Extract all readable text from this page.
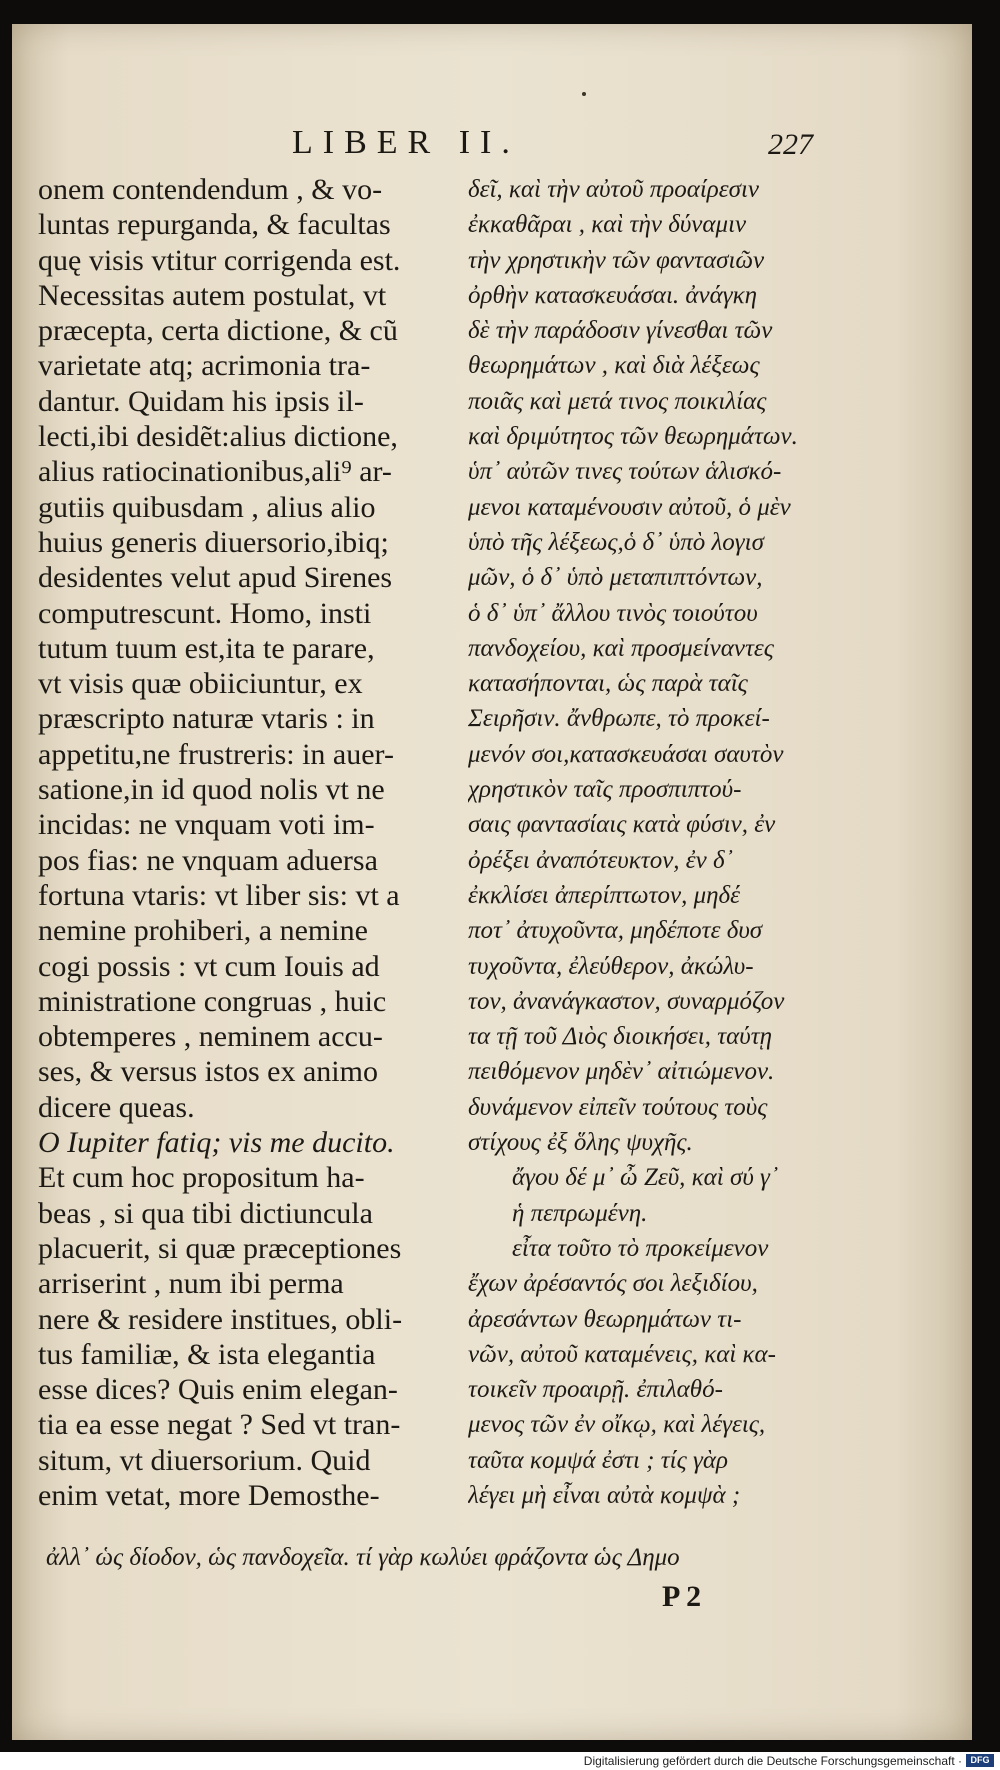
LIBER II.	227
onem contendendum , & vo-
luntas repurganda, & facultas
quę visis vtitur corrigenda est.
Necessitas autem postulat, vt
præcepta, certa dictione, & cũ
varietate atq; acrimonia tra-
dantur. Quidam his ipsis il-
lecti,ibi desidẽt:alius dictione,
alius ratiocinationibus,ali⁹ ar-
gutiis quibusdam , alius alio
huius generis diuersorio,ibiq;
desidentes velut apud Sirenes
computrescunt. Homo, insti
tutum tuum est,ita te parare,
vt visis quæ obiiciuntur, ex
præscripto naturæ vtaris : in
appetitu,ne frustreris: in auer-
satione,in id quod nolis vt ne
incidas: ne vnquam voti im-
pos fias: ne vnquam aduersa
fortuna vtaris: vt liber sis: vt a
nemine prohiberi, a nemine
cogi possis : vt cum Iouis ad
ministratione congruas , huic
obtemperes , neminem accu-
ses, & versus istos ex animo
dicere queas.
O Iupiter fatiq; vis me ducito.
Et cum hoc propositum ha-
beas , si qua tibi dictiuncula
placuerit, si quæ præceptiones
arriserint , num ibi perma
nere & residere institues, obli-
tus familiæ, & ista elegantia
esse dices? Quis enim elegan-
tia ea esse negat ? Sed vt tran-
situm, vt diuersorium. Quid
enim vetat, more Demosthe-
δεῖ, καὶ τὴν αὐτοῦ προαίρεσιν
ἐκκαθᾶραι , καὶ τὴν δύναμιν
τὴν χρηστικὴν τῶν φαντασιῶν
ὀρθὴν κατασκευάσαι. ἀνάγκη
δὲ τὴν παράδοσιν γίνεσθαι τῶν
θεωρημάτων , καὶ διὰ λέξεως
ποιᾶς καὶ μετά τινος ποικιλίας
καὶ δριμύτητος τῶν θεωρημάτων.
ὑπ᾽ αὐτῶν τινες τούτων ἁλισκό-
μενοι καταμένουσιν αὐτοῦ, ὁ μὲν
ὑπὸ τῆς λέξεως,ὁ δ᾽ ὑπὸ λογισ
μῶν, ὁ δ᾽ ὑπὸ μεταπιπτόντων,
ὁ δ᾽ ὑπ᾽ ἄλλου τινὸς τοιούτου
πανδοχείου, καὶ προσμείναντες
κατασήπονται, ὡς παρὰ ταῖς
Σειρῆσιν. ἄνθρωπε, τὸ προκεί-
μενόν σοι,κατασκευάσαι σαυτὸν
χρηστικὸν ταῖς προσπιπτού-
σαις φαντασίαις κατὰ φύσιν, ἐν
ὀρέξει ἀναπότευκτον, ἐν δ᾽
ἐκκλίσει ἀπερίπτωτον, μηδέ
ποτ᾽ ἀτυχοῦντα, μηδέποτε δυσ
τυχοῦντα, ἐλεύθερον, ἀκώλυ-
τον, ἀνανάγκαστον, συναρμόζον
τα τῇ τοῦ Διὸς διοικήσει, ταύτῃ
πειθόμενον μηδὲν᾽ αἰτιώμενον.
δυνάμενον εἰπεῖν τούτους τοὺς
στίχους ἐξ ὅλης ψυχῆς.
ἄγου δέ μ᾽ ὦ Ζεῦ, καὶ σύ γ᾽
ἡ πεπρωμένη.
εἶτα τοῦτο τὸ προκείμενον
ἔχων ἀρέσαντός σοι λεξιδίου,
ἀρεσάντων θεωρημάτων τι-
νῶν, αὐτοῦ καταμένεις, καὶ κα-
τοικεῖν προαιρῇ. ἐπιλαθό-
μενος τῶν ἐν οἴκῳ, καὶ λέγεις,
ταῦτα κομψά ἐστι ; τίς γὰρ
λέγει μὴ εἶναι αὐτὰ κομψὰ ;
ἀλλ᾽ ὡς δίοδον, ὡς πανδοχεῖα. τί γὰρ κωλύει φράζοντα ὡς Δημο
P 2
Digitalisierung gefördert durch die Deutsche Forschungsgemeinschaft · DFG
